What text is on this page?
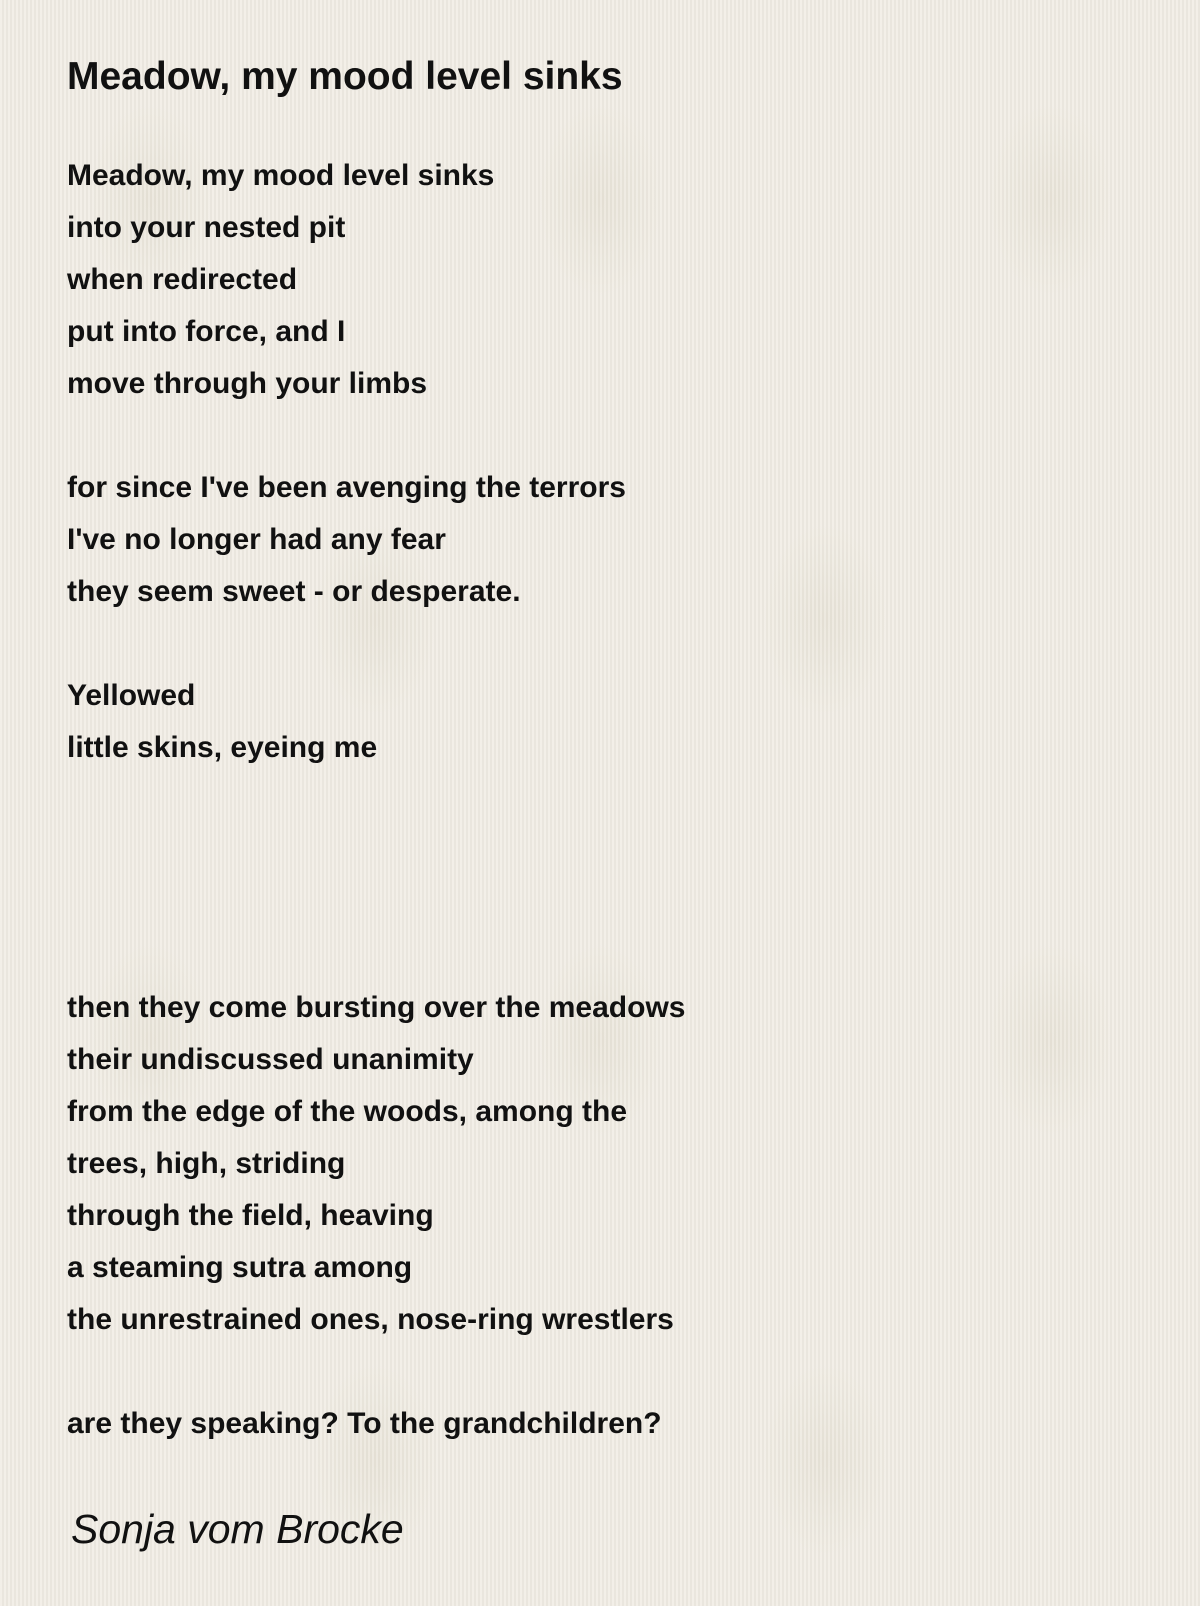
Meadow, my mood level sinks
Meadow, my mood level sinks
into your nested pit
when redirected
put into force, and I
move through your limbs
for since I've been avenging the terrors
I've no longer had any fear
they seem sweet - or desperate.
Yellowed
little skins, eyeing me
then they come bursting over the meadows
their undiscussed unanimity
from the edge of the woods, among the
trees, high, striding
through the field, heaving
a steaming sutra among
the unrestrained ones, nose-ring wrestlers
are they speaking? To the grandchildren?

Sonja vom Brocke
